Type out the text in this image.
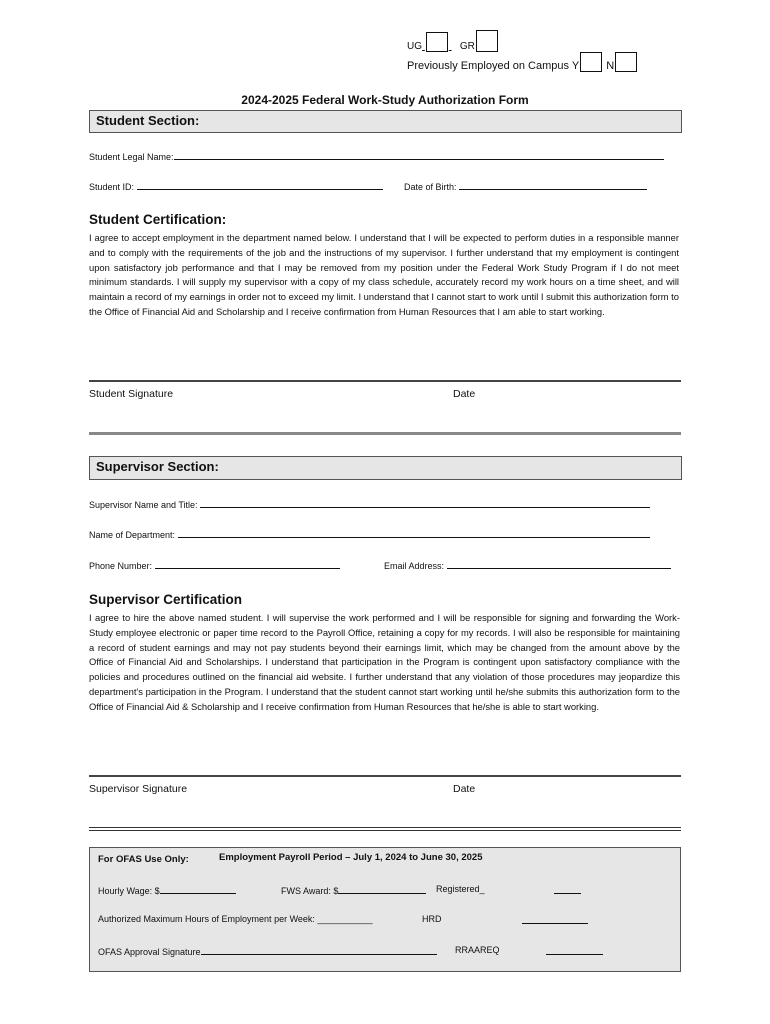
UG	GR
Previously Employed on Campus Y N
2024-2025 Federal Work-Study Authorization Form
Student Section:
Student Legal Name:
Student ID:	Date of Birth:
Student Certification:
I agree to accept employment in the department named below. I understand that I will be expected to perform duties in a responsible manner and to comply with the requirements of the job and the instructions of my supervisor. I further understand that my employment is contingent upon satisfactory job performance and that I may be removed from my position under the Federal Work Study Program if I do not meet minimum standards. I will supply my supervisor with a copy of my class schedule, accurately record my work hours on a time sheet, and will maintain a record of my earnings in order not to exceed my limit. I understand that I cannot start to work until I submit this authorization form to the Office of Financial Aid and Scholarship and I receive confirmation from Human Resources that I am able to start working.
Student Signature	Date
Supervisor Section:
Supervisor Name and Title:
Name of Department:
Phone Number:	Email Address:
Supervisor Certification
I agree to hire the above named student. I will supervise the work performed and I will be responsible for signing and forwarding the Work-Study employee electronic or paper time record to the Payroll Office, retaining a copy for my records. I will also be responsible for maintaining a record of student earnings and may not pay students beyond their earnings limit, which may be changed from the amount above by the Office of Financial Aid and Scholarships. I understand that participation in the Program is contingent upon satisfactory compliance with the policies and procedures outlined on the financial aid website. I further understand that any violation of those procedures may jeopardize this department's participation in the Program. I understand that the student cannot start working until he/she submits this authorization form to the Office of Financial Aid & Scholarship and I receive confirmation from Human Resources that he/she is able to start working.
Supervisor Signature	Date
For OFAS Use Only:	Employment Payroll Period – July 1, 2024 to June 30, 2025
Hourly Wage: $	FWS Award: $	Registered_
Authorized Maximum Hours of Employment per Week: ___________	HRD
OFAS Approval Signature	RRAAREQ
